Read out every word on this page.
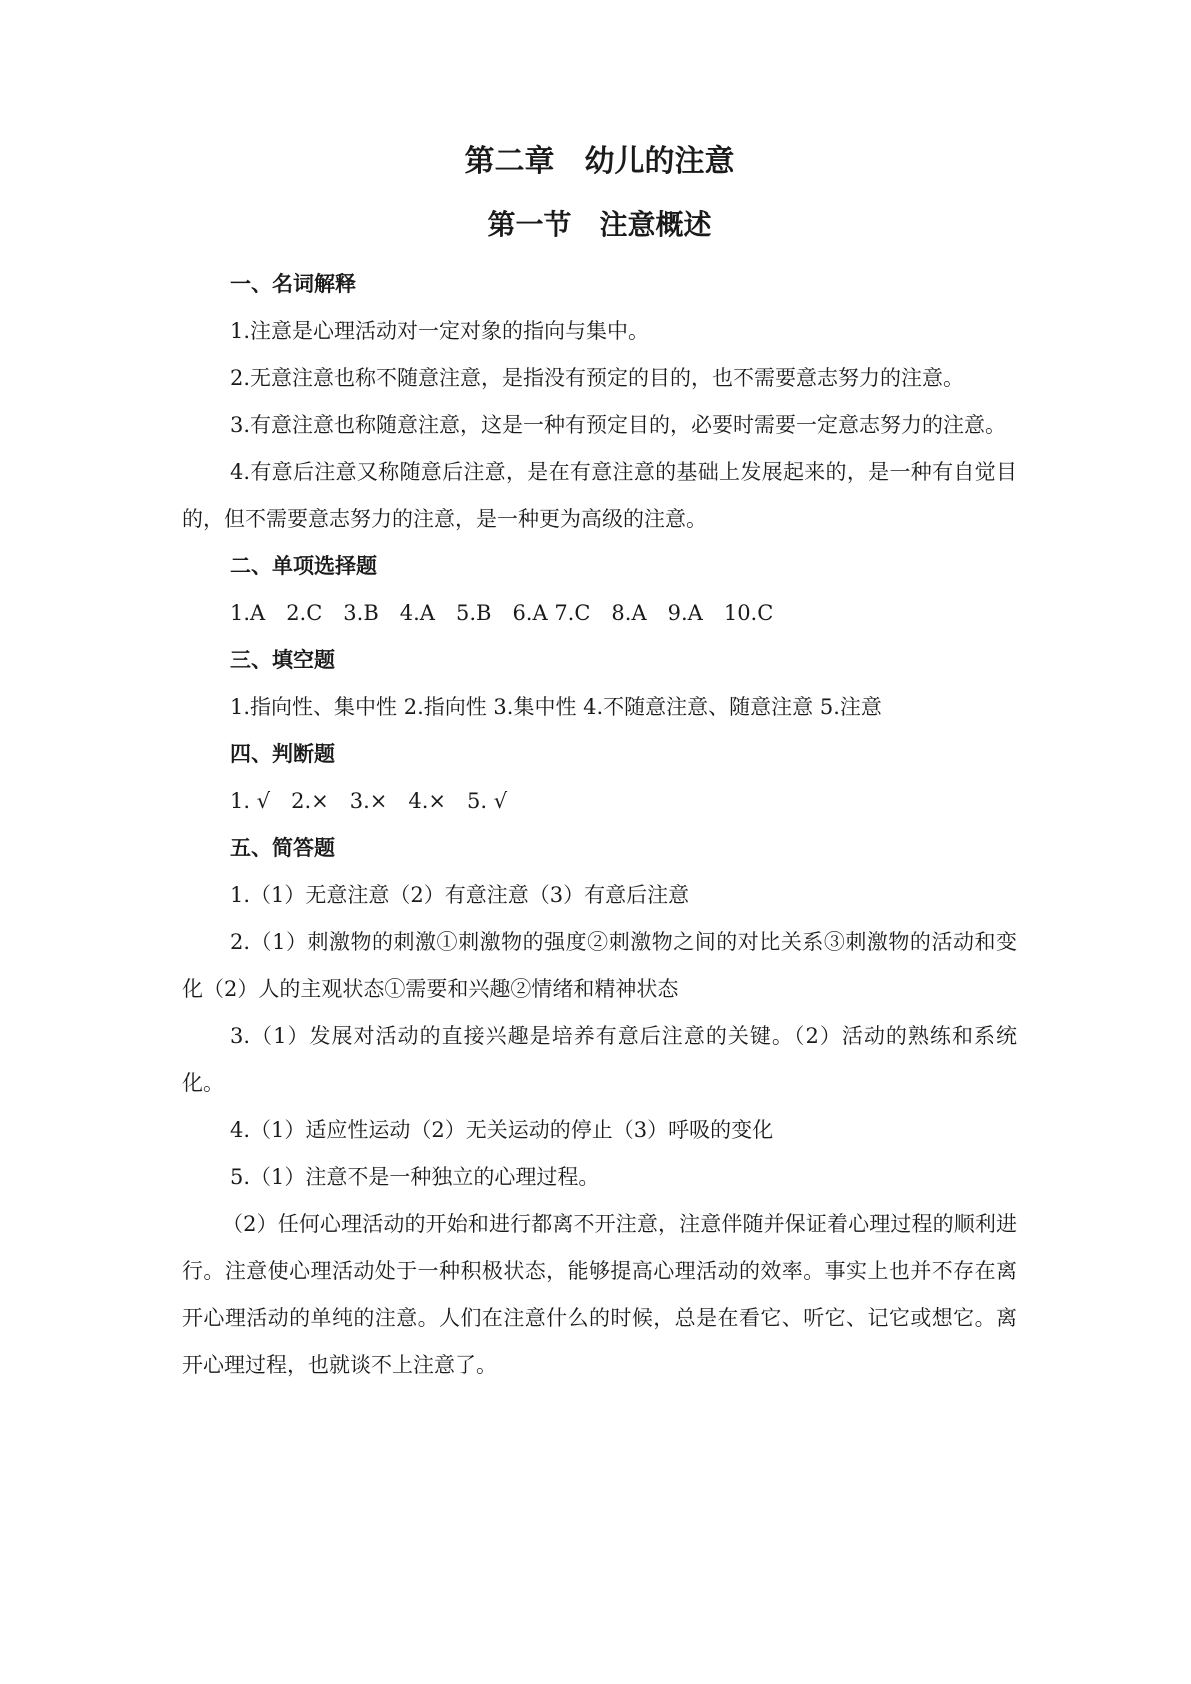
第二章　幼儿的注意
第一节　注意概述

一、名词解释

1.注意是心理活动对一定对象的指向与集中。

2.无意注意也称不随意注意，是指没有预定的目的，也不需要意志努力的注意。

3.有意注意也称随意注意，这是一种有预定目的，必要时需要一定意志努力的注意。

4.有意后注意又称随意后注意，是在有意注意的基础上发展起来的，是一种有自觉目的，但不需要意志努力的注意，是一种更为高级的注意。

二、单项选择题

1.A　2.C　3.B　4.A　5.B　6.A 7.C　8.A　9.A　10.C

三、填空题

1.指向性、集中性 2.指向性 3.集中性 4.不随意注意、随意注意 5.注意

四、判断题

1. √　2.×　3.×　4.×　5. √

五、简答题

1.（1）无意注意（2）有意注意（3）有意后注意

2.（1）刺激物的刺激①刺激物的强度②刺激物之间的对比关系③刺激物的活动和变化（2）人的主观状态①需要和兴趣②情绪和精神状态

3.（1）发展对活动的直接兴趣是培养有意后注意的关键。（2）活动的熟练和系统化。

4.（1）适应性运动（2）无关运动的停止（3）呼吸的变化

5.（1）注意不是一种独立的心理过程。

（2）任何心理活动的开始和进行都离不开注意，注意伴随并保证着心理过程的顺利进行。注意使心理活动处于一种积极状态，能够提高心理活动的效率。事实上也并不存在离开心理活动的单纯的注意。人们在注意什么的时候，总是在看它、听它、记它或想它。离开心理过程，也就谈不上注意了。
